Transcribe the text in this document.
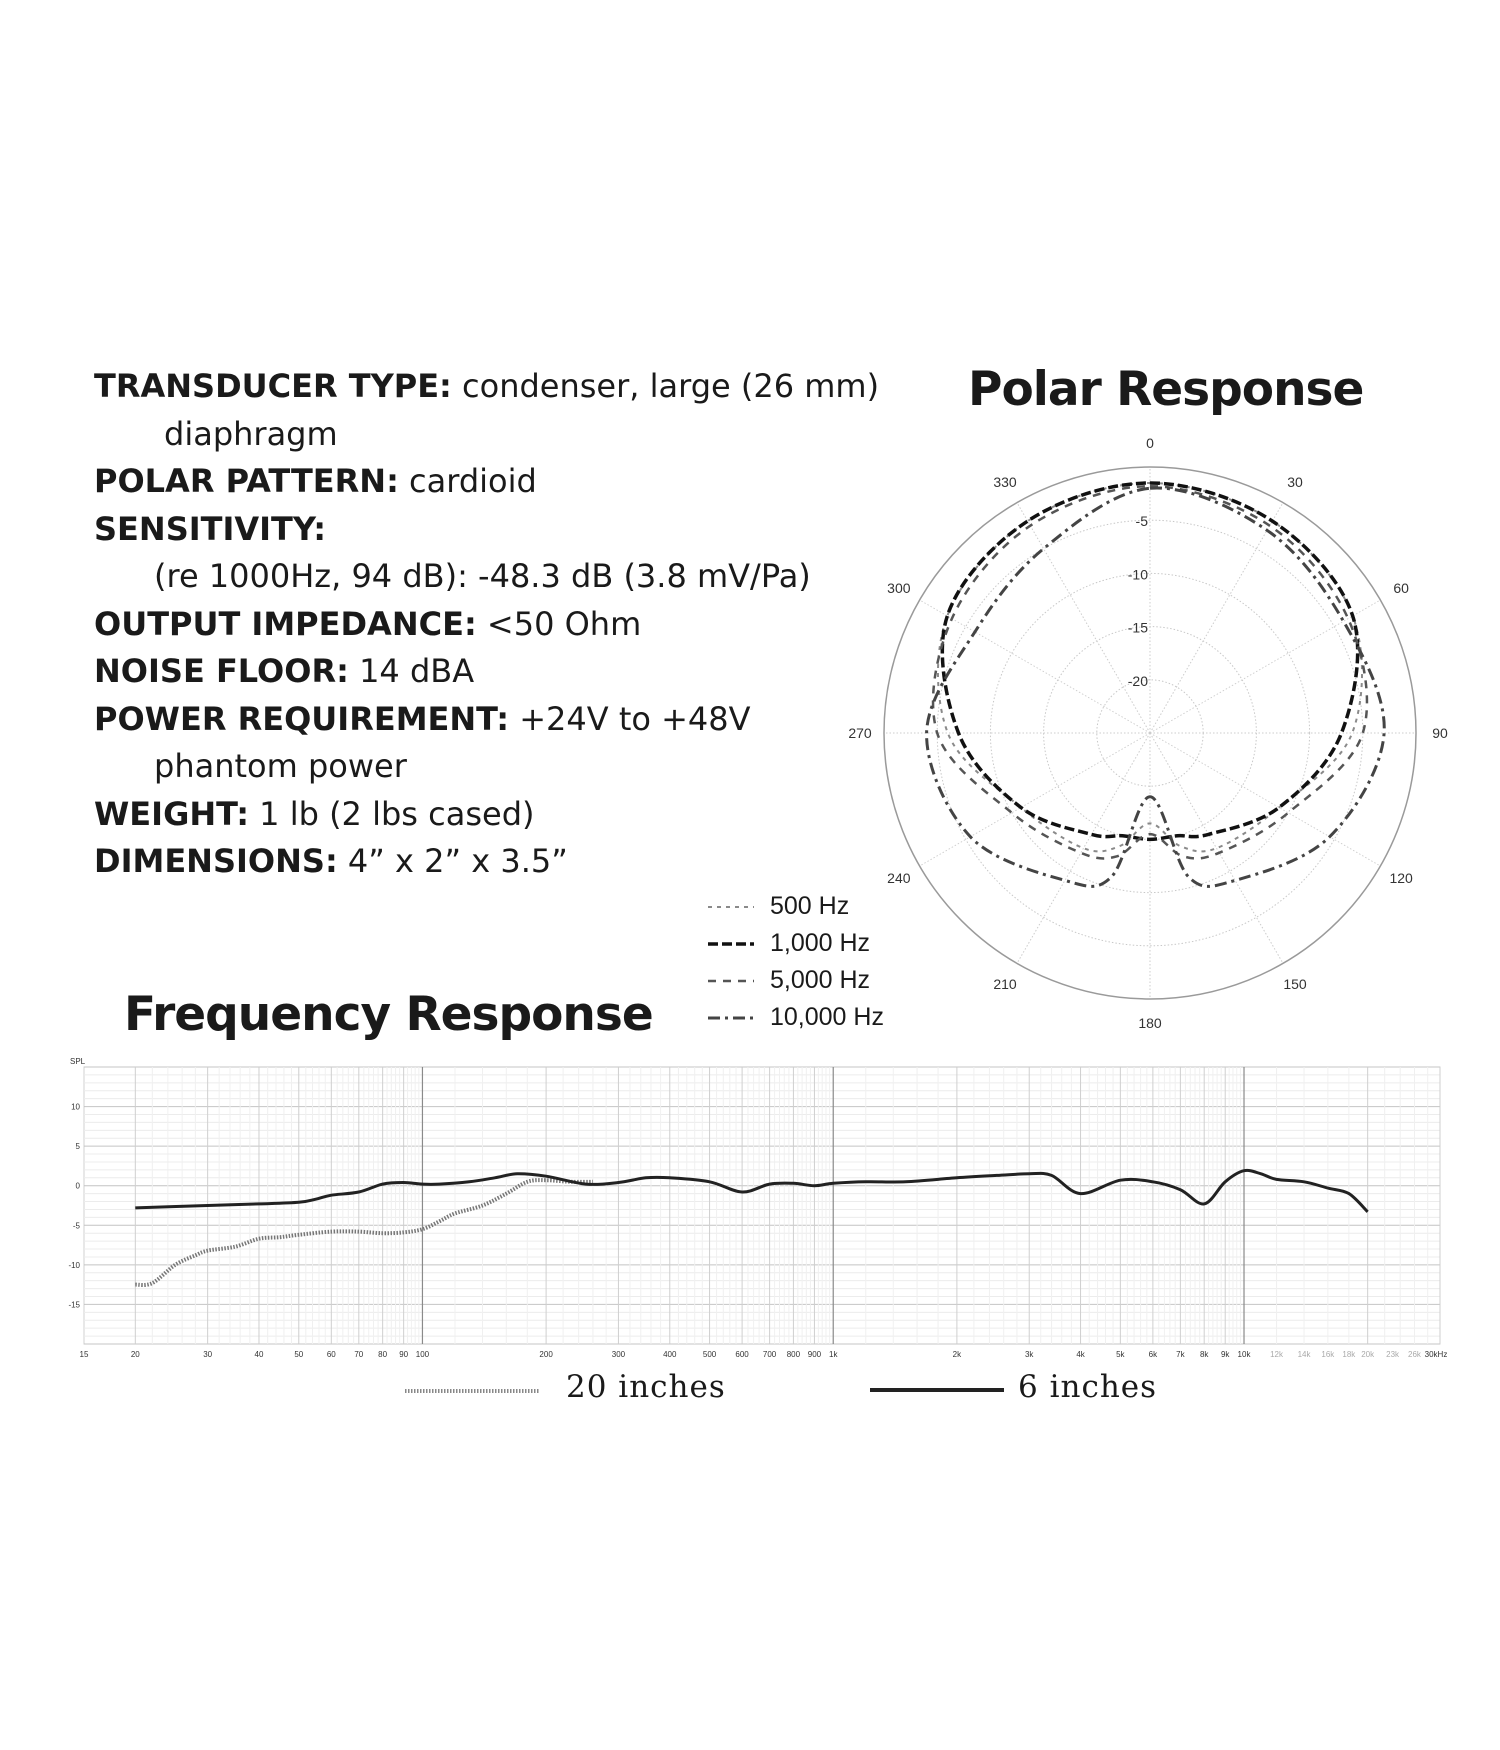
TRANSDUCER TYPE: condenser, large (26 mm)
diaphragm
POLAR PATTERN: cardioid
SENSITIVITY:
(re 1000Hz, 94 dB): -48.3 dB (3.8 mV/Pa)
OUTPUT IMPEDANCE: <50 Ohm
NOISE FLOOR: 14 dBA
POWER REQUIREMENT: +24V to +48V
phantom power
WEIGHT: 1 lb (2 lbs cased)
DIMENSIONS: 4” x 2” x 3.5”
Polar Response
Frequency Response
-5
-10
-15
-20
0
30
60
90
120
150
180
210
240
270
300
330
500 Hz
1,000 Hz
5,000 Hz
10,000 Hz
SPL
10
5
0
-5
-10
-15
15	20	30	40	50	60 70 80 90 100	200	300	400	500 600 700 800 900 1k	2k	3k	4k	5k	6k 7k 8k 9k 10k 12k 14k 16k 18k 20k 23k 26k 30kHz
20 inches	6 inches
